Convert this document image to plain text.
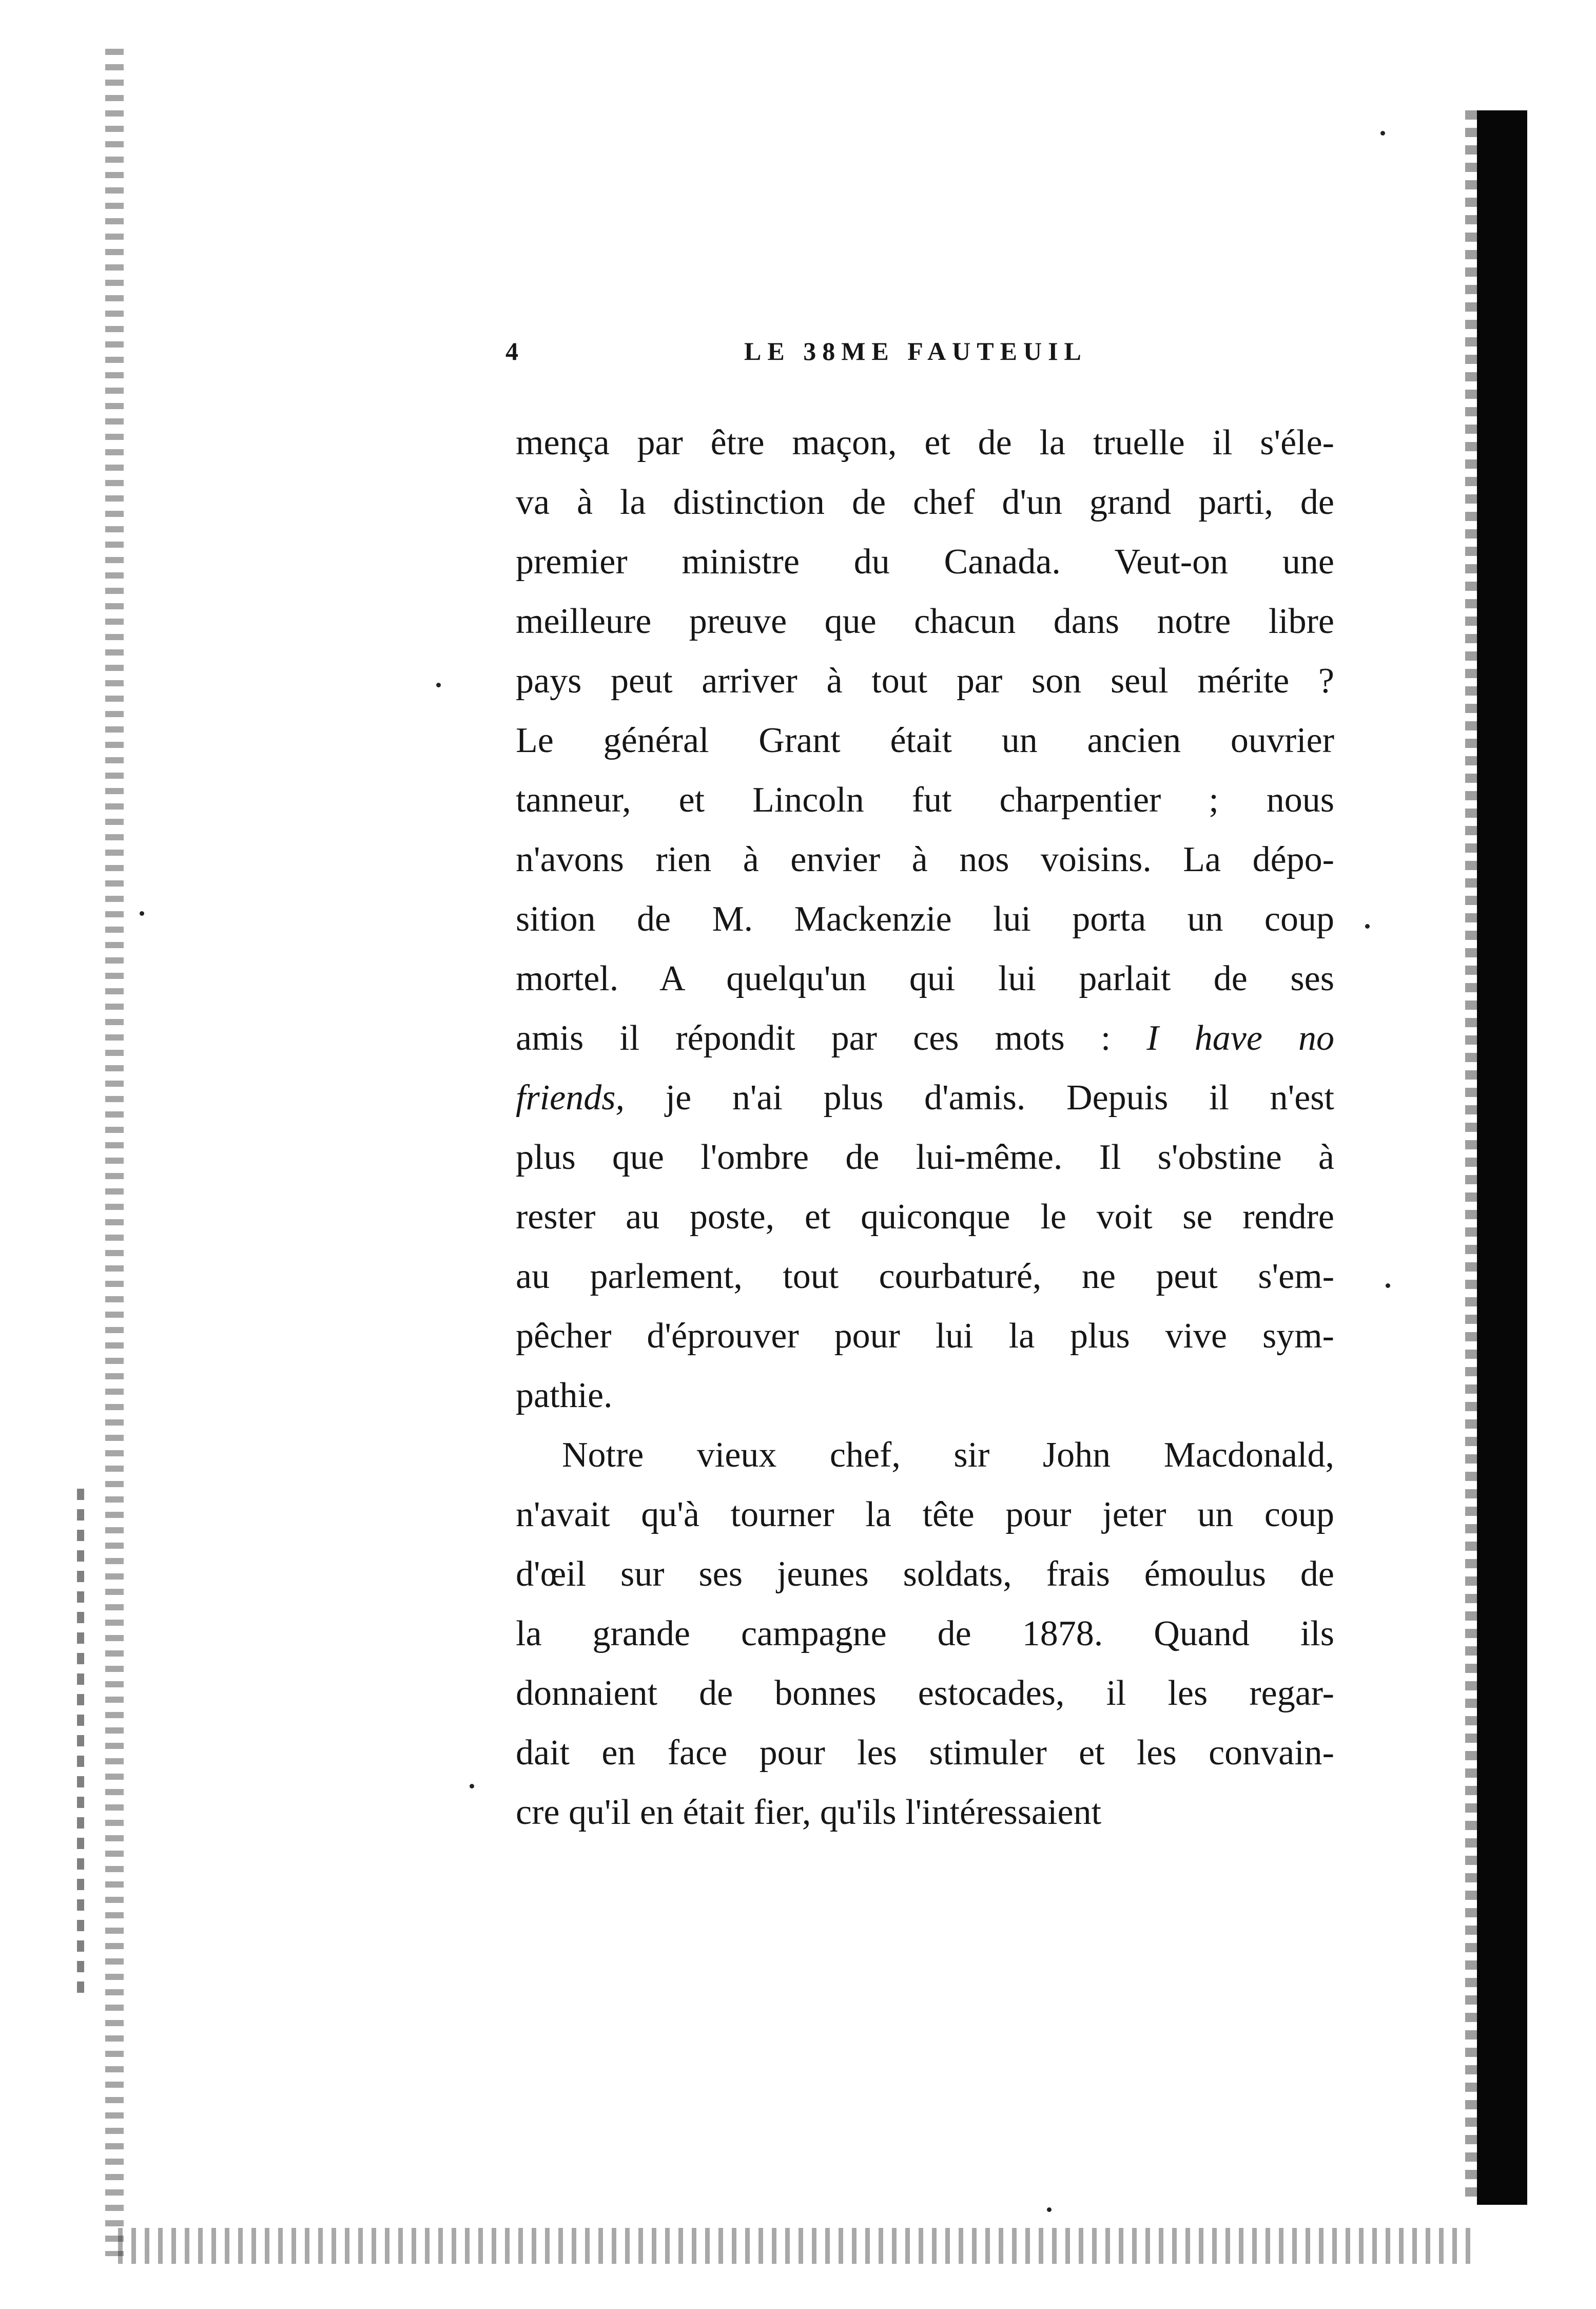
4	LE 38ME FAUTEUIL
mença par être maçon, et de la truelle il s'éle-
va à la distinction de chef d'un grand parti, de
premier ministre du Canada. Veut-on une
meilleure preuve que chacun dans notre libre
pays peut arriver à tout par son seul mérite ?
Le général Grant était un ancien ouvrier
tanneur, et Lincoln fut charpentier ; nous
n'avons rien à envier à nos voisins. La dépo-
sition de M. Mackenzie lui porta un coup
mortel. A quelqu'un qui lui parlait de ses
amis il répondit par ces mots : I have no
friends, je n'ai plus d'amis. Depuis il n'est
plus que l'ombre de lui-même. Il s'obstine à
rester au poste, et quiconque le voit se rendre
au parlement, tout courbaturé, ne peut s'em-
pêcher d'éprouver pour lui la plus vive sym-
pathie.
Notre vieux chef, sir John Macdonald,
n'avait qu'à tourner la tête pour jeter un coup
d'œil sur ses jeunes soldats, frais émoulus de
la grande campagne de 1878. Quand ils
donnaient de bonnes estocades, il les regar-
dait en face pour les stimuler et les convain-
cre qu'il en était fier, qu'ils l'intéressaient
